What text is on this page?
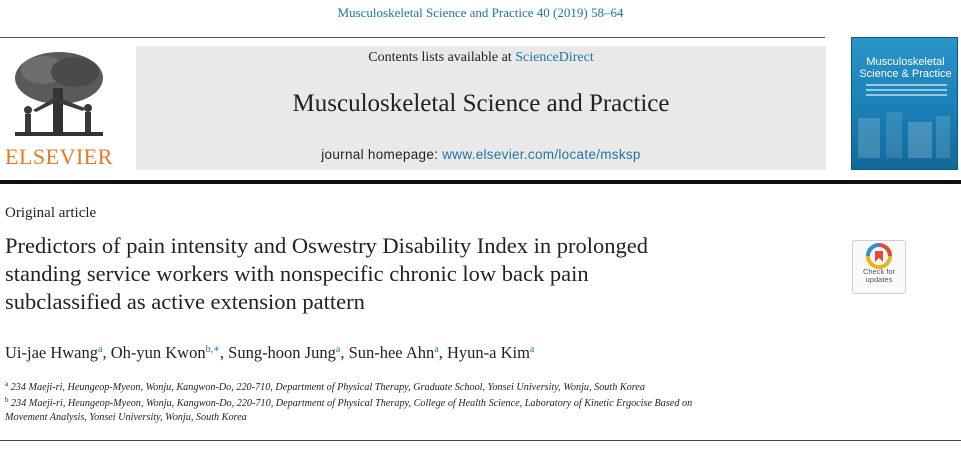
Musculoskeletal Science and Practice 40 (2019) 58–64
ELSEVIER
Contents lists available at ScienceDirect
Musculoskeletal Science and Practice
journal homepage: www.elsevier.com/locate/msksp
Musculoskeletal Science & Practice
Original article
Predictors of pain intensity and Oswestry Disability Index in prolonged
standing service workers with nonspecific chronic low back pain
subclassified as active extension pattern
Check for
updates
Ui-jae Hwang$^a$, Oh-yun Kwon$^{b,∗}$, Sung-hoon Jung$^a$, Sun-hee Ahn$^a$, Hyun-a Kim$^a$
$^a$ 234 Maeji-ri, Heungeop-Myeon, Wonju, Kangwon-Do, 220-710, Department of Physical Therapy, Graduate School, Yonsei University, Wonju, South Korea
$^b$ 234 Maeji-ri, Heungeop-Myeon, Wonju, Kangwon-Do, 220-710, Department of Physical Therapy, College of Health Science, Laboratory of Kinetic Ergocise Based on
Movement Analysis, Yonsei University, Wonju, South Korea
